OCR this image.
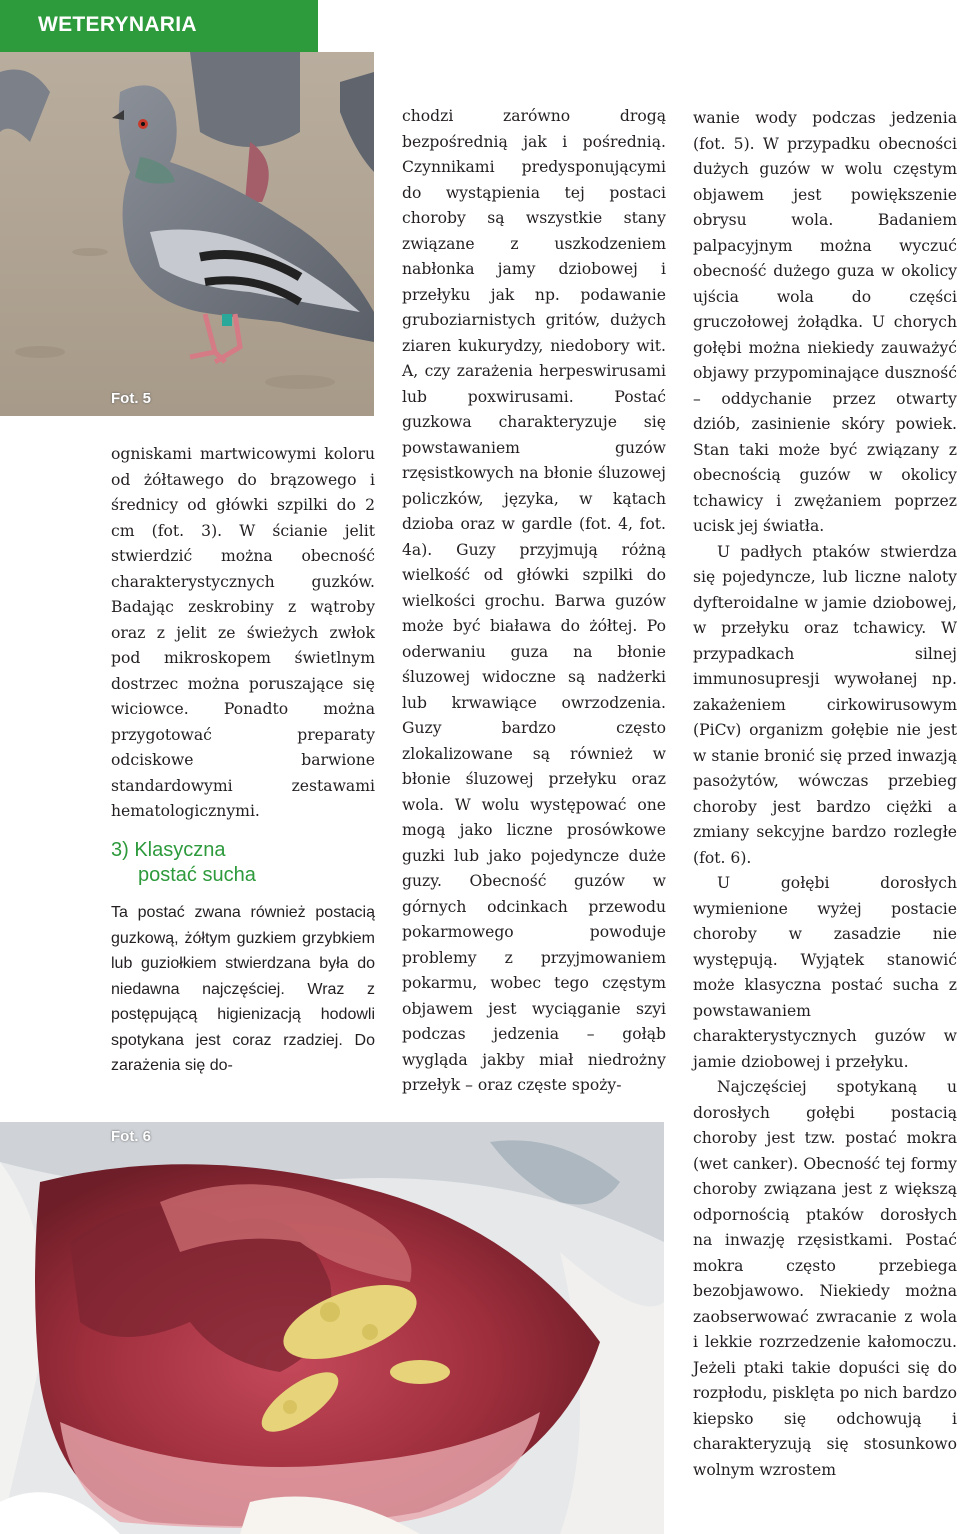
WETERYNARIA
Fot. 5

ogniskami martwicowymi koloru od żółtawego do brązowego i średnicy od główki szpilki do 2 cm (fot. 3). W ścianie jelit stwierdzić można obecność charakterystycznych guzków. Badając zeskrobiny z wątroby oraz z jelit ze świeżych zwłok pod mikroskopem świetlnym dostrzec można poruszające się wiciowce. Ponadto można przygotować preparaty odciskowe barwione standardowymi zestawami hematologicznymi.

3) Klasyczna
postać sucha

Ta postać zwana również postacią guzkową, żółtym guzkiem grzybkiem lub guziołkiem stwierdzana była do niedawna najczęściej. Wraz z postępującą higienizacją hodowli spotykana jest coraz rzadziej. Do zarażenia się do-

chodzi zarówno drogą bezpośrednią jak i pośrednią. Czynnikami predysponującymi do wystąpienia tej postaci choroby są wszystkie stany związane z uszkodzeniem nabłonka jamy dziobowej i przełyku jak np. podawanie gruboziarnistych gritów, dużych ziaren kukurydzy, niedobory wit. A, czy zarażenia herpeswirusami lub poxwirusami. Postać guzkowa charakteryzuje się powstawaniem guzów rzęsistkowych na błonie śluzowej policzków, języka, w kątach dzioba oraz w gardle (fot. 4, fot. 4a). Guzy przyjmują różną wielkość od główki szpilki do wielkości grochu. Barwa guzów może być biaława do żółtej. Po oderwaniu guza na błonie śluzowej widoczne są nadżerki lub krwawiące owrzodzenia. Guzy bardzo często zlokalizowane są również w błonie śluzowej przełyku oraz wola. W wolu występować one mogą jako liczne prosówkowe guzki lub jako pojedyncze duże guzy. Obecność guzów w górnych odcinkach przewodu pokarmowego powoduje problemy z przyjmowaniem pokarmu, wobec tego częstym objawem jest wyciąganie szyi podczas jedzenia – gołąb wygląda jakby miał niedrożny przełyk – oraz częste spoży-

wanie wody podczas jedzenia (fot. 5). W przypadku obecności dużych guzów w wolu częstym objawem jest powiększenie obrysu wola. Badaniem palpacyjnym można wyczuć obecność dużego guza w okolicy ujścia wola do części gruczołowej żołądka. U chorych gołębi można niekiedy zauważyć objawy przypominające duszność – oddychanie przez otwarty dziób, zasinienie skóry powiek. Stan taki może być związany z obecnością guzów w okolicy tchawicy i zwężaniem poprzez ucisk jej światła.

U padłych ptaków stwierdza się pojedyncze, lub liczne naloty dyfteroidalne w jamie dziobowej, w przełyku oraz tchawicy. W przypadkach silnej immunosupresji wywołanej np. zakażeniem cirkowirusowym (PiCv) organizm gołębie nie jest w stanie bronić się przed inwazją pasożytów, wówczas przebieg choroby jest bardzo ciężki a zmiany sekcyjne bardzo rozległe (fot. 6).

U gołębi dorosłych wymienione wyżej postacie choroby w zasadzie nie występują. Wyjątek stanowić może klasyczna postać sucha z powstawaniem charakterystycznych guzów w jamie dziobowej i przełyku.

Najczęściej spotykaną u dorosłych gołębi postacią choroby jest tzw. postać mokra (wet canker). Obecność tej formy choroby związana jest z większą odpornością ptaków dorosłych na inwazję rzęsistkami. Postać mokra często przebiega bezobjawowo. Niekiedy można zaobserwować zwracanie z wola i lekkie rozrzedzenie kałomoczu. Jeżeli ptaki takie dopuści się do rozpłodu, pisklęta po nich bardzo kiepsko się odchowują i charakteryzują się stosunkowo wolnym wzrostem

Fot. 6
